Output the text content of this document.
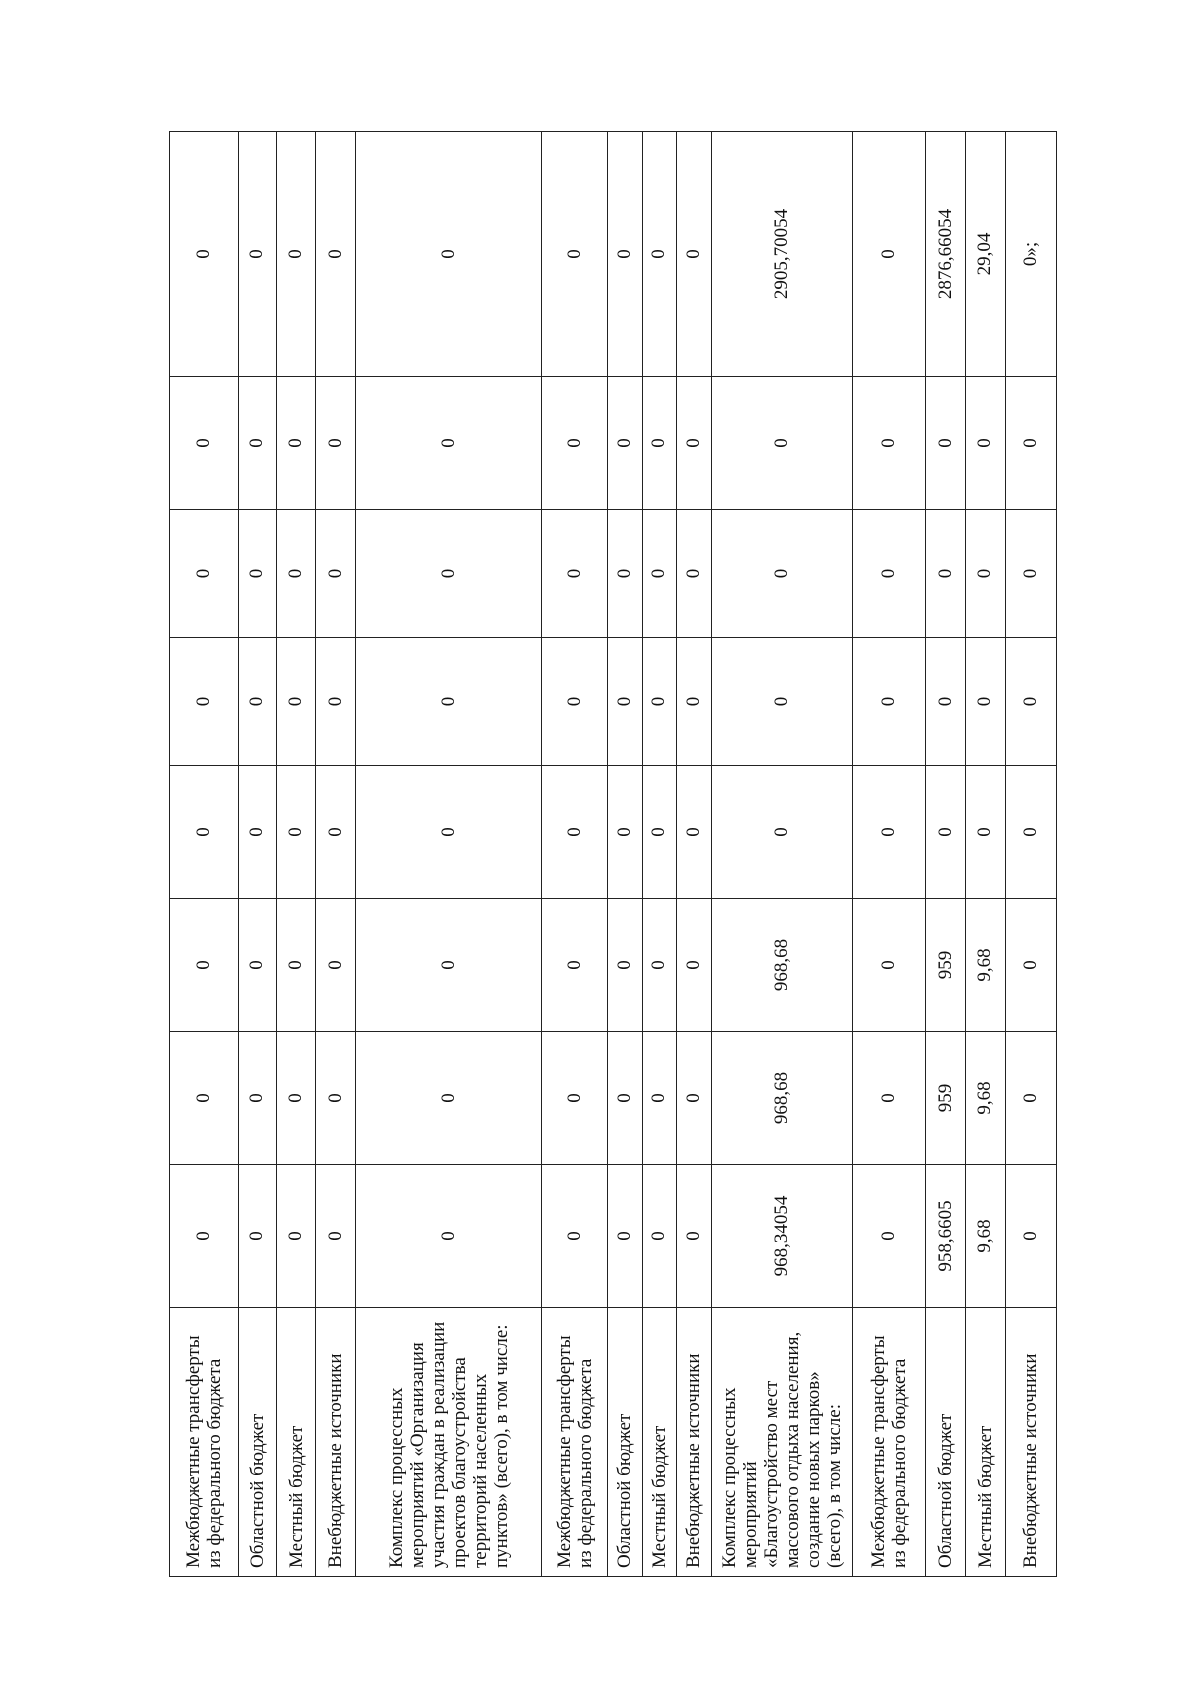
Межбюджетные трансферты из федерального бюджета	0	0	0	0	0	0	0	0
Областной бюджет	0	0	0	0	0	0	0	0
Местный бюджет	0	0	0	0	0	0	0	0
Внебюджетные источники	0	0	0	0	0	0	0	0
Комплекс процессных мероприятий «Организация участия граждан в реализации проектов благоустройства территорий населенных пунктов» (всего), в том числе:	0	0	0	0	0	0	0	0
Межбюджетные трансферты из федерального бюджета	0	0	0	0	0	0	0	0
Областной бюджет	0	0	0	0	0	0	0	0
Местный бюджет	0	0	0	0	0	0	0	0
Внебюджетные источники	0	0	0	0	0	0	0	0
Комплекс процессных мероприятий «Благоустройство мест массового отдыха населения, создание новых парков» (всего), в том числе:	968,34054	968,68	968,68	0	0	0	0	2905,70054
Межбюджетные трансферты из федерального бюджета	0	0	0	0	0	0	0	0
Областной бюджет	958,6605	959	959	0	0	0	0	2876,66054
Местный бюджет	9,68	9,68	9,68	0	0	0	0	29,04
Внебюджетные источники	0	0	0	0	0	0	0	0»;
